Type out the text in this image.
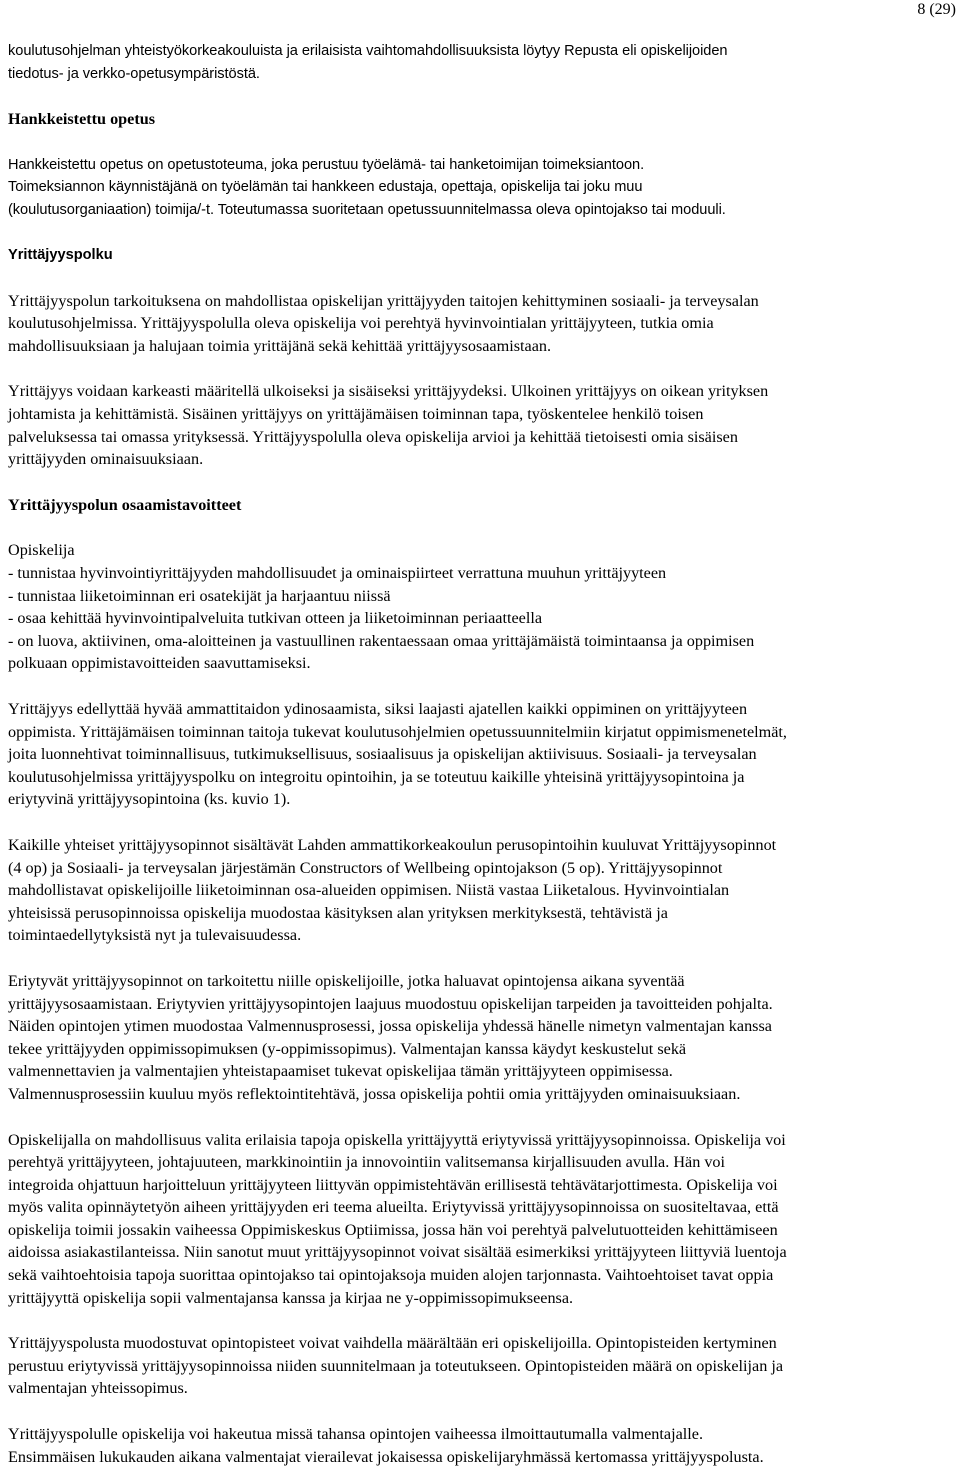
8 (29)

koulutusohjelman yhteistyökorkeakouluista ja erilaisista vaihtomahdollisuuksista löytyy Repusta eli opiskelijoiden
tiedotus- ja verkko-opetusympäristöstä.

Hankkeistettu opetus

Hankkeistettu opetus on opetustoteuma, joka perustuu työelämä- tai hanketoimijan toimeksiantoon.
Toimeksiannon käynnistäjänä on työelämän tai hankkeen edustaja, opettaja, opiskelija tai joku muu
(koulutusorganiaation) toimija/-t. Toteutumassa suoritetaan opetussuunnitelmassa oleva opintojakso tai moduuli.

Yrittäjyyspolku

Yrittäjyyspolun tarkoituksena on mahdollistaa opiskelijan yrittäjyyden taitojen kehittyminen sosiaali- ja terveysalan
koulutusohjelmissa. Yrittäjyyspolulla oleva opiskelija voi perehtyä hyvinvointialan yrittäjyyteen, tutkia omia
mahdollisuuksiaan ja halujaan toimia yrittäjänä sekä kehittää yrittäjyysosaamistaan.

Yrittäjyys voidaan karkeasti määritellä ulkoiseksi ja sisäiseksi yrittäjyydeksi. Ulkoinen yrittäjyys on oikean yrityksen
johtamista ja kehittämistä. Sisäinen yrittäjyys on yrittäjämäisen toiminnan tapa, työskentelee henkilö toisen
palveluksessa tai omassa yrityksessä. Yrittäjyyspolulla oleva opiskelija arvioi ja kehittää tietoisesti omia sisäisen
yrittäjyyden ominaisuuksiaan.

Yrittäjyyspolun osaamistavoitteet

Opiskelija
- tunnistaa hyvinvointiyrittäjyyden mahdollisuudet ja ominaispiirteet verrattuna muuhun yrittäjyyteen
- tunnistaa liiketoiminnan eri osatekijät ja harjaantuu niissä
- osaa kehittää hyvinvointipalveluita tutkivan otteen ja liiketoiminnan periaatteella
- on luova, aktiivinen, oma-aloitteinen ja vastuullinen rakentaessaan omaa yrittäjämäistä toimintaansa ja oppimisen
polkuaan oppimistavoitteiden saavuttamiseksi.

Yrittäjyys edellyttää hyvää ammattitaidon ydinosaamista, siksi laajasti ajatellen kaikki oppiminen on yrittäjyyteen
oppimista. Yrittäjämäisen toiminnan taitoja tukevat koulutusohjelmien opetussuunnitelmiin kirjatut oppimismenetelmät,
joita luonnehtivat toiminnallisuus, tutkimuksellisuus, sosiaalisuus ja opiskelijan aktiivisuus. Sosiaali- ja terveysalan
koulutusohjelmissa yrittäjyyspolku on integroitu opintoihin, ja se toteutuu kaikille yhteisinä yrittäjyysopintoina ja
eriytyvinä yrittäjyysopintoina (ks. kuvio 1).

Kaikille yhteiset yrittäjyysopinnot sisältävät Lahden ammattikorkeakoulun perusopintoihin kuuluvat Yrittäjyysopinnot
(4 op) ja Sosiaali- ja terveysalan järjestämän Constructors of Wellbeing opintojakson (5 op). Yrittäjyysopinnot
mahdollistavat opiskelijoille liiketoiminnan osa-alueiden oppimisen. Niistä vastaa Liiketalous. Hyvinvointialan
yhteisissä perusopinnoissa opiskelija muodostaa käsityksen alan yrityksen merkityksestä, tehtävistä ja
toimintaedellytyksistä nyt ja tulevaisuudessa.

Eriytyvät yrittäjyysopinnot on tarkoitettu niille opiskelijoille, jotka haluavat opintojensa aikana syventää
yrittäjyysosaamistaan. Eriytyvien yrittäjyysopintojen laajuus muodostuu opiskelijan tarpeiden ja tavoitteiden pohjalta.
Näiden opintojen ytimen muodostaa Valmennusprosessi, jossa opiskelija yhdessä hänelle nimetyn valmentajan kanssa
tekee yrittäjyyden oppimissopimuksen (y-oppimissopimus). Valmentajan kanssa käydyt keskustelut sekä
valmennettavien ja valmentajien yhteistapaamiset tukevat opiskelijaa tämän yrittäjyyteen oppimisessa.
Valmennusprosessiin kuuluu myös reflektointitehtävä, jossa opiskelija pohtii omia yrittäjyyden ominaisuuksiaan.

Opiskelijalla on mahdollisuus valita erilaisia tapoja opiskella yrittäjyyttä eriytyvissä yrittäjyysopinnoissa. Opiskelija voi
perehtyä yrittäjyyteen, johtajuuteen, markkinointiin ja innovointiin valitsemansa kirjallisuuden avulla. Hän voi
integroida ohjattuun harjoitteluun yrittäjyyteen liittyvän oppimistehtävän erillisestä tehtävätarjottimesta. Opiskelija voi
myös valita opinnäytetyön aiheen yrittäjyyden eri teema alueilta. Eriytyvissä yrittäjyysopinnoissa on suositeltavaa, että
opiskelija toimii jossakin vaiheessa Oppimiskeskus Optiimissa, jossa hän voi perehtyä palvelutuotteiden kehittämiseen
aidoissa asiakastilanteissa. Niin sanotut muut yrittäjyysopinnot voivat sisältää esimerkiksi yrittäjyyteen liittyviä luentoja
sekä vaihtoehtoisia tapoja suorittaa opintojakso tai opintojaksoja muiden alojen tarjonnasta. Vaihtoehtoiset tavat oppia
yrittäjyyttä opiskelija sopii valmentajansa kanssa ja kirjaa ne y-oppimissopimukseensa.

Yrittäjyyspolusta muodostuvat opintopisteet voivat vaihdella määrältään eri opiskelijoilla. Opintopisteiden kertyminen
perustuu eriytyvissä yrittäjyysopinnoissa niiden suunnitelmaan ja toteutukseen. Opintopisteiden määrä on opiskelijan ja
valmentajan yhteissopimus.

Yrittäjyyspolulle opiskelija voi hakeutua missä tahansa opintojen vaiheessa ilmoittautumalla valmentajalle.
Ensimmäisen lukukauden aikana valmentajat vierailevat jokaisessa opiskelijaryhmässä kertomassa yrittäjyyspolusta.
